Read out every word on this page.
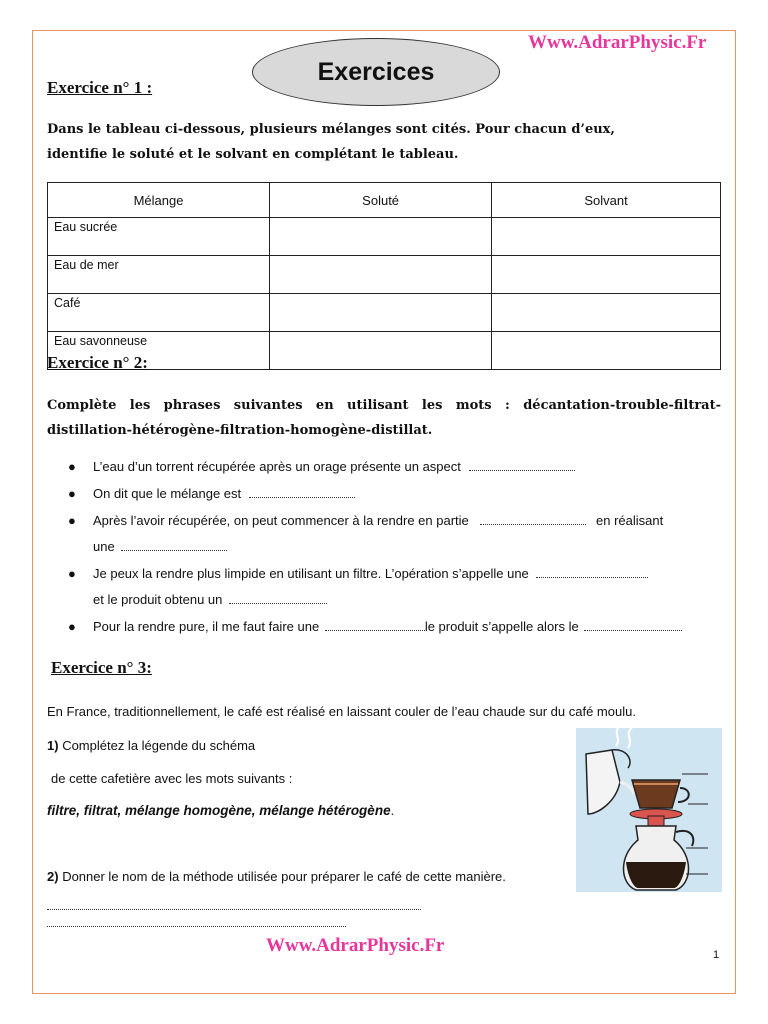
Www.AdrarPhysic.Fr
Exercices
Exercice n° 1 :
Dans le tableau ci-dessous, plusieurs mélanges sont cités. Pour chacun d’eux,
identifie le soluté et le solvant en complétant le tableau.
Mélange	Soluté	Solvant
Eau sucrée		
Eau de mer		
Café		
Eau savonneuse		
Exercice n° 2:
Complète les phrases suivantes en utilisant les mots : décantation-trouble-filtrat-
distillation-hétérogène-filtration-homogène-distillat.
● L’eau d’un torrent récupérée après un orage présente un aspect
● On dit que le mélange est
● Après l’avoir récupérée, on peut commencer à la rendre en partie	en réalisant
une
● Je peux la rendre plus limpide en utilisant un filtre. L’opération s’appelle une
et le produit obtenu un
● Pour la rendre pure, il me faut faire une	le produit s’appelle alors le
Exercice n° 3:
En France, traditionnellement, le café est réalisé en laissant couler de l’eau chaude sur du café moulu.
1) Complétez la légende du schéma
de cette cafetière avec les mots suivants :
filtre, filtrat, mélange homogène, mélange hétérogène.
2) Donner le nom de la méthode utilisée pour préparer le café de cette manière.
Www.AdrarPhysic.Fr	1
